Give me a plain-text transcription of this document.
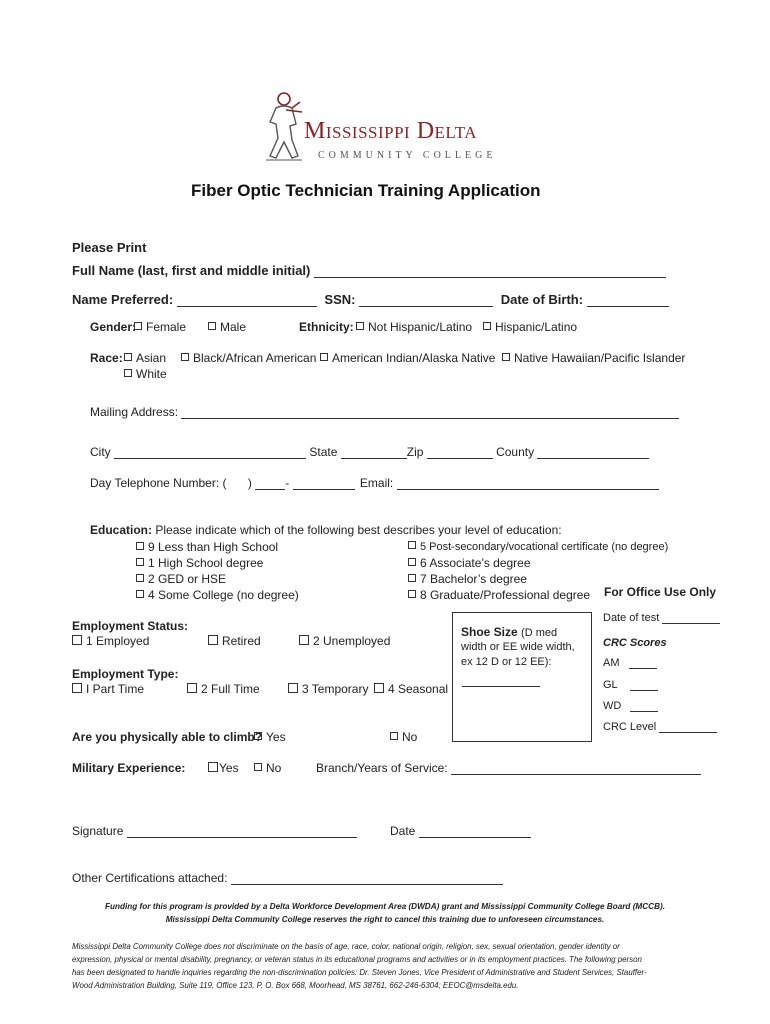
Mississippi Delta
COMMUNITY COLLEGE
Fiber Optic Technician Training Application
Please Print
Full Name (last, first and middle initial)
Name Preferred:	SSN:	Date of Birth:
Gender: Female	Male	Ethnicity:	Not Hispanic/Latino	Hispanic/Latino
Race:	Asian	Black/African American	American Indian/Alaska Native	Native Hawaiian/Pacific Islander
White
Mailing Address:
City	State	Zip	County
Day Telephone Number: ( )	-	Email:
Education: Please indicate which of the following best describes your level of education:
9 Less than High School
1 High School degree
2 GED or HSE
4 Some College (no degree)
5 Post-secondary/vocational certificate (no degree)
6 Associate’s degree
7 Bachelor’s degree
8 Graduate/Professional degree For Office Use Only
Date of test
CRC Scores
AM
GL
WD
CRC Level
Shoe Size (D med
width or EE wide width,
ex 12 D or 12 EE):
Employment Status:
1 Employed	Retired	2 Unemployed
Employment Type:
I Part Time	2 Full Time	3 Temporary	4 Seasonal
Are you physically able to climb? Yes	No
Military Experience:	Yes	No	Branch/Years of Service:
Signature	Date
Other Certifications attached:
Funding for this program is provided by a Delta Workforce Development Area (DWDA) grant and Mississippi Community College Board (MCCB).
Mississippi Delta Community College reserves the right to cancel this training due to unforeseen circumstances.
Mississippi Delta Community College does not discriminate on the basis of age, race, color, national origin, religion, sex, sexual orientation, gender identity or
expression, physical or mental disability, pregnancy, or veteran status in its educational programs and activities or in its employment practices. The following person
has been designated to handle inquiries regarding the non-discrimination policies: Dr. Steven Jones, Vice President of Administrative and Student Services, Stauffer-
Wood Administration Building, Suite 119, Office 123, P. O. Box 668, Moorhead, MS 38761, 662-246-6304; EEOC@msdelta.edu.
